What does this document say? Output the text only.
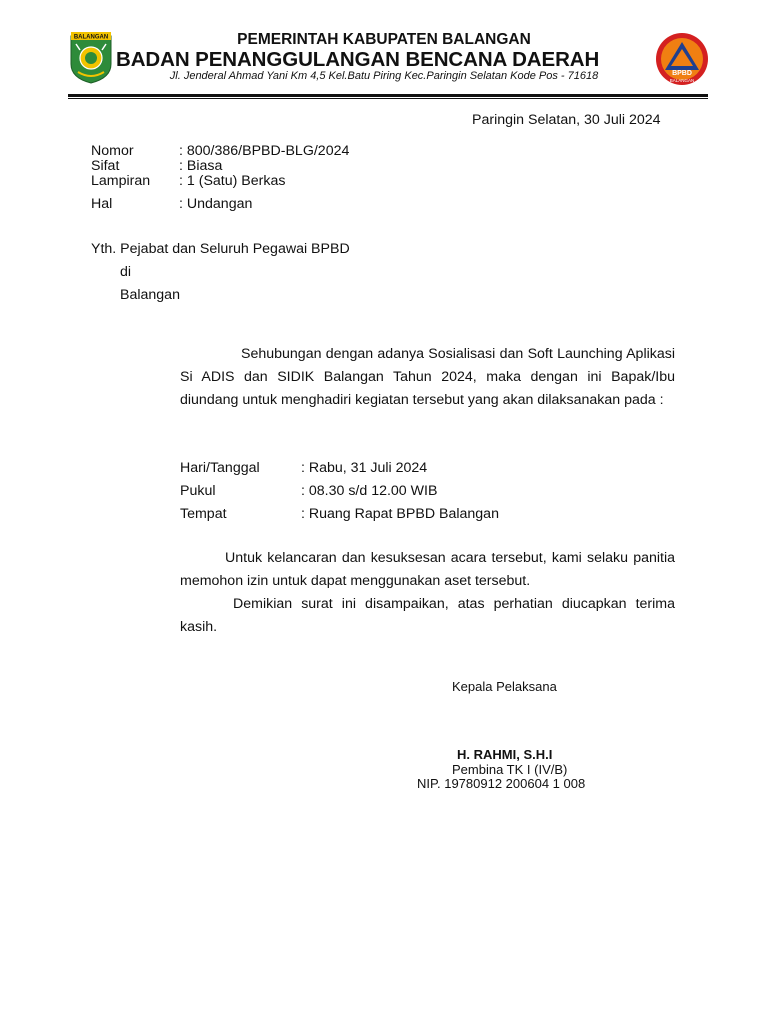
BALANGAN	PEMERINTAH KABUPATEN BALANGAN
BADAN PENANGGULANGAN BENCANA DAERAH
Jl. Jenderal Ahmad Yani Km 4,5 Kel.Batu Piring Kec.Paringin Selatan Kode Pos - 71618	BPBD
BALANGAN
Paringin Selatan, 30 Juli 2024
Nomor	: 800/386/BPBD-BLG/2024
Sifat	: Biasa
Lampiran : 1 (Satu) Berkas
Hal	: Undangan
Yth. Pejabat dan Seluruh Pegawai BPBD
di
Balangan
Sehubungan dengan adanya Sosialisasi dan Soft Launching Aplikasi Si ADIS dan SIDIK Balangan Tahun 2024, maka dengan ini Bapak/Ibu diundang untuk menghadiri kegiatan tersebut yang akan dilaksanakan pada :
Hari/Tanggal	: Rabu, 31 Juli 2024
Pukul	: 08.30 s/d 12.00 WIB
Tempat	: Ruang Rapat BPBD Balangan
Untuk kelancaran dan kesuksesan acara tersebut, kami selaku panitia memohon izin untuk dapat menggunakan aset tersebut.
Demikian surat ini disampaikan, atas perhatian diucapkan terima kasih.
Kepala Pelaksana
H. RAHMI, S.H.I
Pembina TK I (IV/B)
NIP. 19780912 200604 1 008
